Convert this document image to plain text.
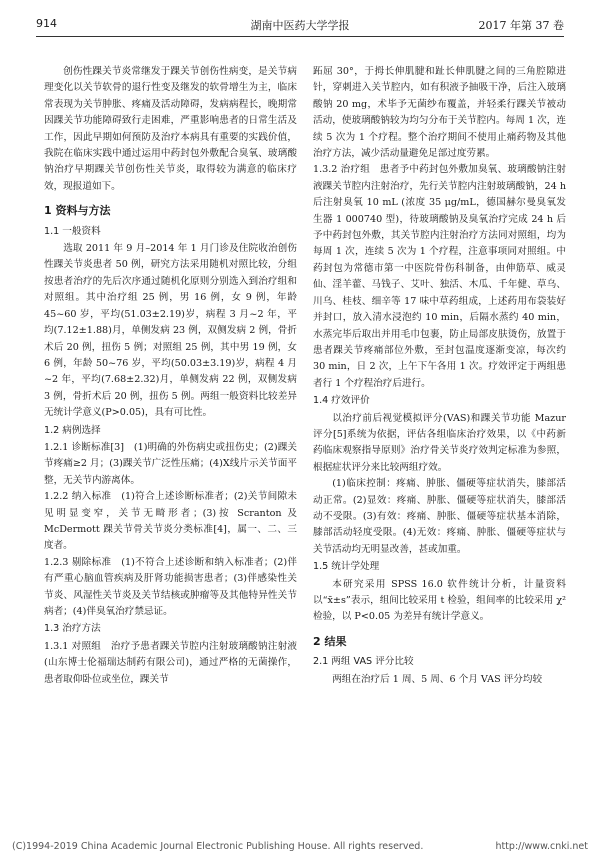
914	湖南中医药大学学报	2017 年第 37 卷

创伤性踝关节炎常继发于踝关节创伤性病变，是关节病理变化以关节软骨的退行性变及继发的软骨增生为主，临床常表现为关节肿胀、疼痛及活动障碍，发病病程长，晚期常因踝关节功能障碍致行走困难，严重影响患者的日常生活及工作，因此早期如何预防及治疗本病具有重要的实践价值，我院在临床实践中通过运用中药封包外敷配合臭氧、玻璃酸钠治疗早期踝关节创伤性关节炎，取得较为满意的临床疗效，现报道如下。

1 资料与方法
1.1 一般资料

选取 2011 年 9 月–2014 年 1 月门诊及住院收治创伤性踝关节炎患者 50 例，研究方法采用随机对照比较，分组按患者治疗的先后次序通过随机化原则分别选入到治疗组和对照组。其中治疗组 25 例，男 16 例，女 9 例，年龄 45~60 岁，平均(51.03±2.19)岁，病程 3 月~2 年，平均(7.12±1.88)月，单侧发病 23 例，双侧发病 2 例，骨折术后 20 例，扭伤 5 例；对照组 25 例，其中男 19 例，女 6 例，年龄 50~76 岁，平均(50.03±3.19)岁，病程 4 月~2 年，平均(7.68±2.32)月，单侧发病 22 例，双侧发病 3 例，骨折术后 20 例，扭伤 5 例。两组一般资料比较差异无统计学意义(P>0.05)，具有可比性。

1.2 病例选择

1.2.1 诊断标准[3]　(1)明确的外伤病史或扭伤史；(2)踝关节疼痛≥2 月；(3)踝关节广泛性压痛；(4)X线片示关节面平整，无关节内游离体。

1.2.2 纳入标准　(1)符合上述诊断标准者；(2)关节间隙未见明显变窄，关节无畸形者；(3)按 Scranton 及 McDermott 踝关节骨关节炎分类标准[4]，属一、二、三度者。

1.2.3 剔除标准　(1)不符合上述诊断和纳入标准者；(2)伴有严重心脑血管疾病及肝肾功能损害患者；(3)伴感染性关节炎、风湿性关节炎及关节结核或肿瘤等及其他特异性关节病者；(4)伴臭氧治疗禁忌证。

1.3 治疗方法

1.3.1 对照组　治疗予患者踝关节腔内注射玻璃酸钠注射液(山东博士伦福瑞达制药有限公司)，通过严格的无菌操作，患者取仰卧位或坐位，踝关节

跖屈 30°，于拇长伸肌腱和趾长伸肌腱之间的三角腔隙进针，穿刺进入关节腔内，如有积液予抽吸干净，后注入玻璃酸钠 20 mg，术毕予无菌纱布覆盖，并轻柔行踝关节被动活动，使玻璃酸钠较为均匀分布于关节腔内。每周 1 次，连续 5 次为 1 个疗程。整个治疗期间不使用止痛药物及其他治疗方法，减少活动量避免足部过度劳累。

1.3.2 治疗组　患者予中药封包外敷加臭氧、玻璃酸钠注射液踝关节腔内注射治疗，先行关节腔内注射玻璃酸钠，24 h 后注射臭氧 10 mL (浓度 35 μg/mL，德国赫尔曼臭氧发生器 1 000740 型)，待玻璃酸钠及臭氧治疗完成 24 h 后予中药封包外敷，其关节腔内注射治疗方法同对照组，均为每周 1 次，连续 5 次为 1 个疗程，注意事项同对照组。中药封包为常德市第一中医院骨伤科制备，由伸筋草、威灵仙、淫羊藿、马钱子、艾叶、独活、木瓜、千年健、草乌、川乌、桂枝、细辛等 17 味中草药组成，上述药用布袋装好并封口，放入清水浸泡约 10 min，后隔水蒸约 40 min，水蒸完毕后取出并用毛巾包裹，防止局部皮肤烫伤，放置于患者踝关节疼痛部位外敷，至封包温度逐渐变凉，每次约 30 min，日 2 次，上午下午各用 1 次。疗效评定于两组患者行 1 个疗程治疗后进行。

1.4 疗效评价

以治疗前后视觉模拟评分(VAS)和踝关节功能 Mazur 评分[5]系统为依据，评估各组临床治疗效果，以《中药新药临床观察指导原则》治疗骨关节炎疗效判定标准为参照，根据症状评分来比较两组疗效。

(1)临床控制：疼痛、肿胀、僵硬等症状消失，膝部活动正常。(2)显效：疼痛、肿胀、僵硬等症状消失，膝部活动不受限。(3)有效：疼痛、肿胀、僵硬等症状基本消除，膝部活动轻度受限。(4)无效：疼痛、肿胀、僵硬等症状与关节活动均无明显改善，甚或加重。

1.5 统计学处理

本研究采用 SPSS 16.0 软件统计分析，计量资料以“x̄±s”表示，组间比较采用 t 检验，组间率的比较采用 χ² 检验，以 P<0.05 为差异有统计学意义。

2 结果
2.1 两组 VAS 评分比较

两组在治疗后 1 周、5 周、6 个月 VAS 评分均较

(C)1994-2019 China Academic Journal Electronic Publishing House. All rights reserved.	http://www.cnki.net
